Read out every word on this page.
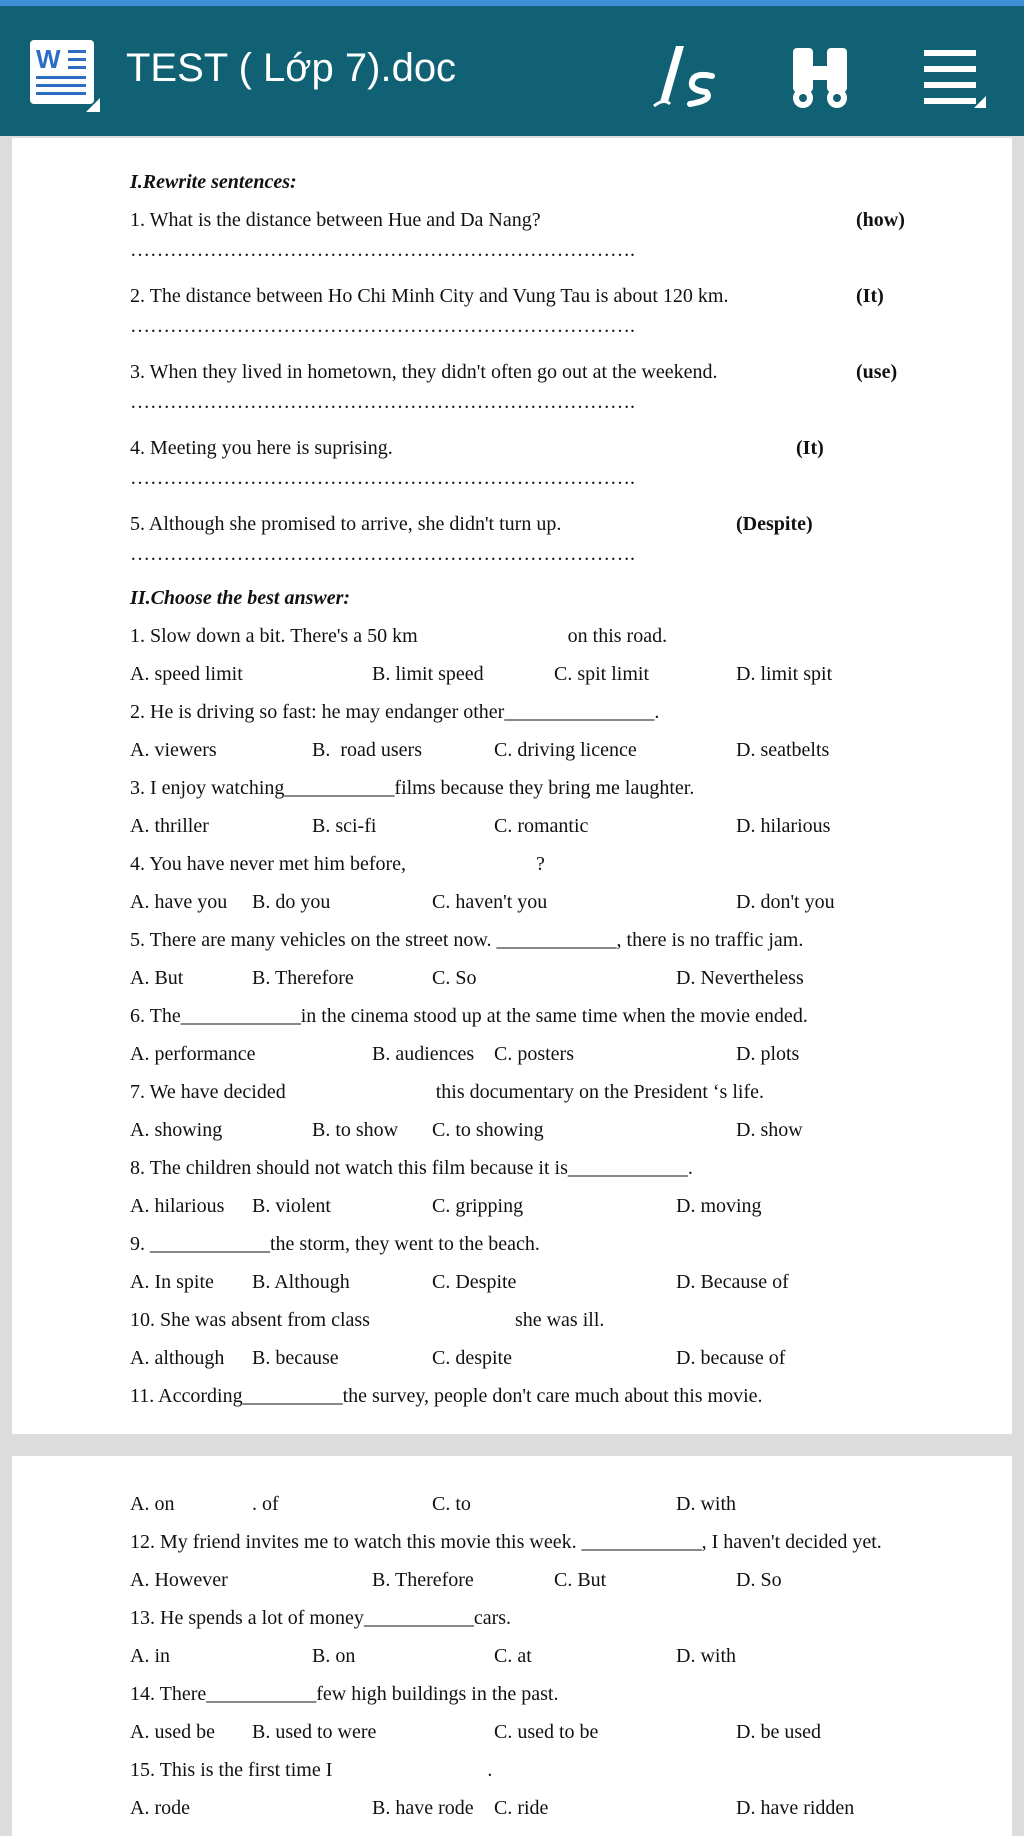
W TEST ( Lớp 7).doc
I.Rewrite sentences:
1. What is the distance between Hue and Da Nang?	(how)
………………………………………………………………….
2. The distance between Ho Chi Minh City and Vung Tau is about 120 km.	(It)
………………………………………………………………….
3. When they lived in hometown, they didn't often go out at the weekend.	(use)
………………………………………………………………….
4. Meeting you here is suprising.	(It)
………………………………………………………………….
5. Although she promised to arrive, she didn't turn up.	(Despite)
………………………………………………………………….
II.Choose the best answer:
1. Slow down a bit. There's a 50 km                              on this road.
A. speed limit	B. limit speed	C. spit limit	D. limit spit
2. He is driving so fast: he may endanger other_______________.
A. viewers	B.  road users	C. driving licence	D. seatbelts
3. I enjoy watching___________films because they bring me laughter.
A. thriller	B. sci-fi	C. romantic	D. hilarious
4. You have never met him before,                          ?
A. have you B. do you	C. haven't you	D. don't you
5. There are many vehicles on the street now. ____________, there is no traffic jam.
A. But	B. Therefore	C. So	D. Nevertheless
6. The____________in the cinema stood up at the same time when the movie ended.
A. performance	B. audiences C. posters	D. plots
7. We have decided                              this documentary on the President ‘s life.
A. showing	B. to show C. to showing	D. show
8. The children should not watch this film because it is____________.
A. hilarious B. violent	C. gripping	D. moving
9. ____________the storm, they went to the beach.
A. In spite B. Although	C. Despite	D. Because of
10. She was absent from class                             she was ill.
A. although B. because	C. despite	D. because of
11. According__________the survey, people don't care much about this movie.
A. on	. of	C. to	D. with
12. My friend invites me to watch this movie this week. ____________, I haven't decided yet.
A. However	B. Therefore	C. But	D. So
13. He spends a lot of money___________cars.
A. in	B. on	C. at	D. with
14. There___________few high buildings in the past.
A. used be B. used to were	C. used to be	D. be used
15. This is the first time I                               .
A. rode	B. have rode C. ride	D. have ridden
